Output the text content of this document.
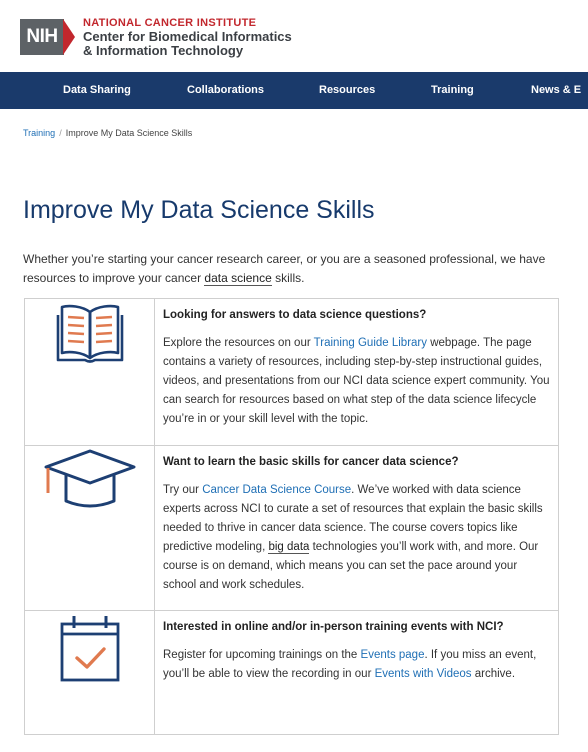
NIH
NATIONAL CANCER INSTITUTE
Center for Biomedical Informatics
& Information Technology
Data Sharing	Collaborations	Resources	Training	News & E
Training / Improve My Data Science Skills
Improve My Data Science Skills

Whether you’re starting your cancer research career, or you are a seasoned professional, we have resources to improve your cancer data science skills.

Looking for answers to data science questions?

Explore the resources on our Training Guide Library webpage. The page contains a variety of resources, including step-by-step instructional guides, videos, and presentations from our NCI data science expert community. You can search for resources based on what step of the data science lifecycle you’re in or your skill level with the topic.

Want to learn the basic skills for cancer data science?

Try our Cancer Data Science Course. We’ve worked with data science experts across NCI to curate a set of resources that explain the basic skills needed to thrive in cancer data science. The course covers topics like predictive modeling, big data technologies you’ll work with, and more. Our course is on demand, which means you can set the pace around your school and work schedules.

Interested in online and/or in-person training events with NCI?

Register for upcoming trainings on the Events page. If you miss an event, you’ll be able to view the recording in our Events with Videos archive.
